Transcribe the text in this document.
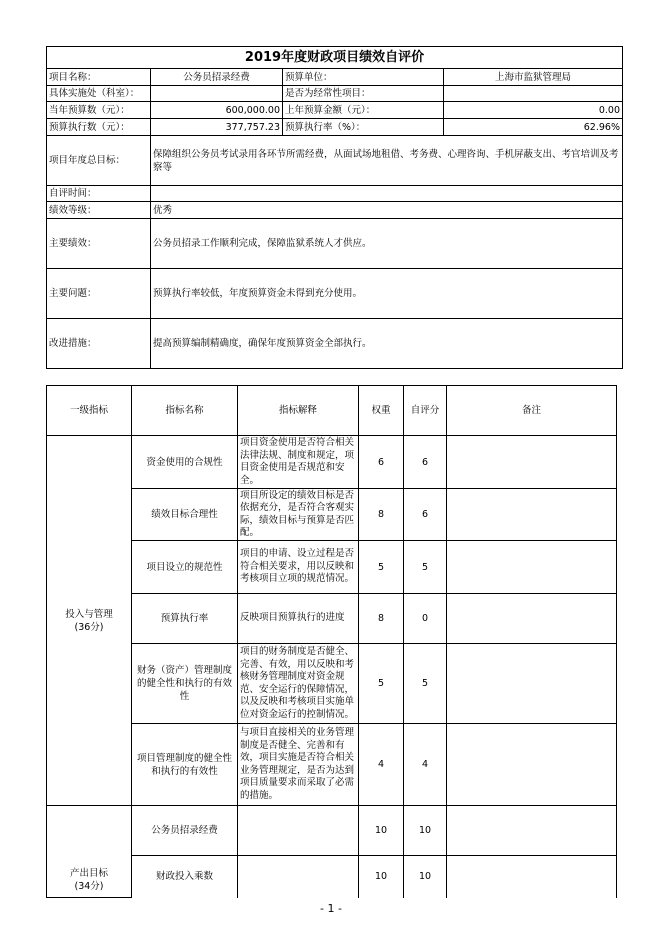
2019年度财政项目绩效自评价			
项目名称：	公务员招录经费	预算单位：	上海市监狱管理局
具体实施处（科室）：		是否为经常性项目：	
当年预算数（元）：	600,000.00	上年预算金额（元）：	0.00
预算执行数（元）：	377,757.23	预算执行率（%）：	62.96%
项目年度总目标：	保障组织公务员考试录用各环节所需经费，从面试场地租借、考务费、心理咨询、手机屏蔽支出、考官培训及考察等		
自评时间：			
绩效等级：	优秀		
主要绩效：	公务员招录工作顺利完成，保障监狱系统人才供应。		
主要问题：	预算执行率较低，年度预算资金未得到充分使用。		
改进措施：	提高预算编制精确度，确保年度预算资金全部执行。		
一级指标	指标名称	指标解释	权重	自评分	备注
投入与管理
(36分)	资金使用的合规性	项目资金使用是否符合相关法律法规、制度和规定，项目资金使用是否规范和安全。	6	6	
	绩效目标合理性	项目所设定的绩效目标是否依据充分，是否符合客观实际，绩效目标与预算是否匹配。	8	6	
	项目设立的规范性	项目的申请、设立过程是否符合相关要求，用以反映和考核项目立项的规范情况。	5	5	
	预算执行率	反映项目预算执行的进度	8	0	
	财务（资产）管理制度的健全性和执行的有效性	项目的财务制度是否健全、完善、有效，用以反映和考核财务管理制度对资金规范、安全运行的保障情况，以及反映和考核项目实施单位对资金运行的控制情况。	5	5	
	项目管理制度的健全性和执行的有效性	与项目直接相关的业务管理制度是否健全、完善和有效，项目实施是否符合相关业务管理规定，是否为达到项目质量要求而采取了必需的措施。	4	4	
产出目标
(34分)	公务员招录经费		10	10	
	财政投入乘数		10	10	
- 1 -
